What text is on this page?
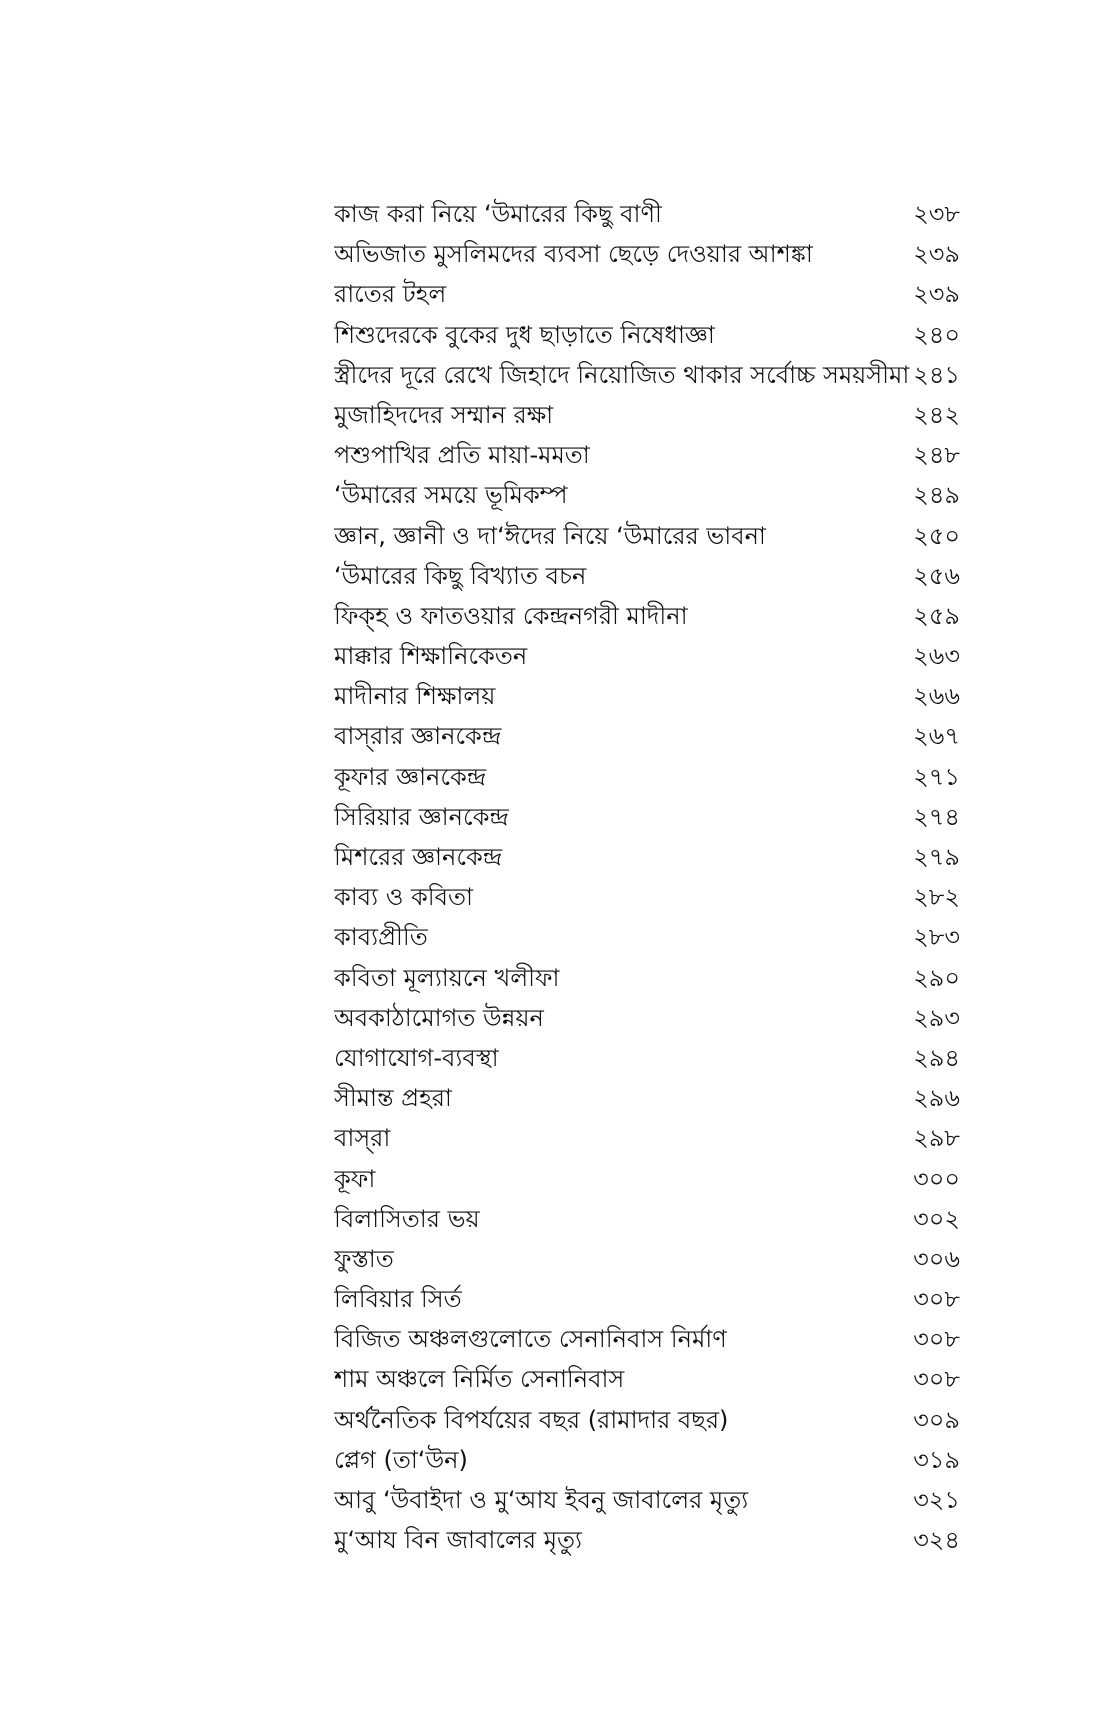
কাজ করা নিয়ে ‘উমারের কিছু বাণী	২৩৮
অভিজাত মুসলিমদের ব্যবসা ছেড়ে দেওয়ার আশঙ্কা	২৩৯
রাতের টহল	২৩৯
শিশুদেরকে বুকের দুধ ছাড়াতে নিষেধাজ্ঞা	২৪০
স্ত্রীদের দূরে রেখে জিহাদে নিয়োজিত থাকার সর্বোচ্চ সময়সীমা ২৪১
মুজাহিদদের সম্মান রক্ষা	২৪২
পশুপাখির প্রতি মায়া-মমতা	২৪৮
‘উমারের সময়ে ভূমিকম্প	২৪৯
জ্ঞান, জ্ঞানী ও দা‘ঈদের নিয়ে ‘উমারের ভাবনা	২৫০
‘উমারের কিছু বিখ্যাত বচন	২৫৬
ফিক্‌হ ও ফাতওয়ার কেন্দ্রনগরী মাদীনা	২৫৯
মাক্কার শিক্ষানিকেতন	২৬৩
মাদীনার শিক্ষালয়	২৬৬
বাস্‌রার জ্ঞানকেন্দ্র	২৬৭
কূফার জ্ঞানকেন্দ্র	২৭১
সিরিয়ার জ্ঞানকেন্দ্র	২৭৪
মিশরের জ্ঞানকেন্দ্র	২৭৯
কাব্য ও কবিতা	২৮২
কাব্যপ্রীতি	২৮৩
কবিতা মূল্যায়নে খলীফা	২৯০
অবকাঠামোগত উন্নয়ন	২৯৩
যোগাযোগ-ব্যবস্থা	২৯৪
সীমান্ত প্রহরা	২৯৬
বাস্‌রা	২৯৮
কূফা	৩০০
বিলাসিতার ভয়	৩০২
ফুস্তাত	৩০৬
লিবিয়ার সির্ত	৩০৮
বিজিত অঞ্চলগুলোতে সেনানিবাস নির্মাণ	৩০৮
শাম অঞ্চলে নির্মিত সেনানিবাস	৩০৮
অর্থনৈতিক বিপর্যয়ের বছর (রামাদার বছর)	৩০৯
প্লেগ (তা‘উন)	৩১৯
আবু ‘উবাইদা ও মু‘আয ইবনু জাবালের মৃত্যু	৩২১
মু‘আয বিন জাবালের মৃত্যু	৩২৪
